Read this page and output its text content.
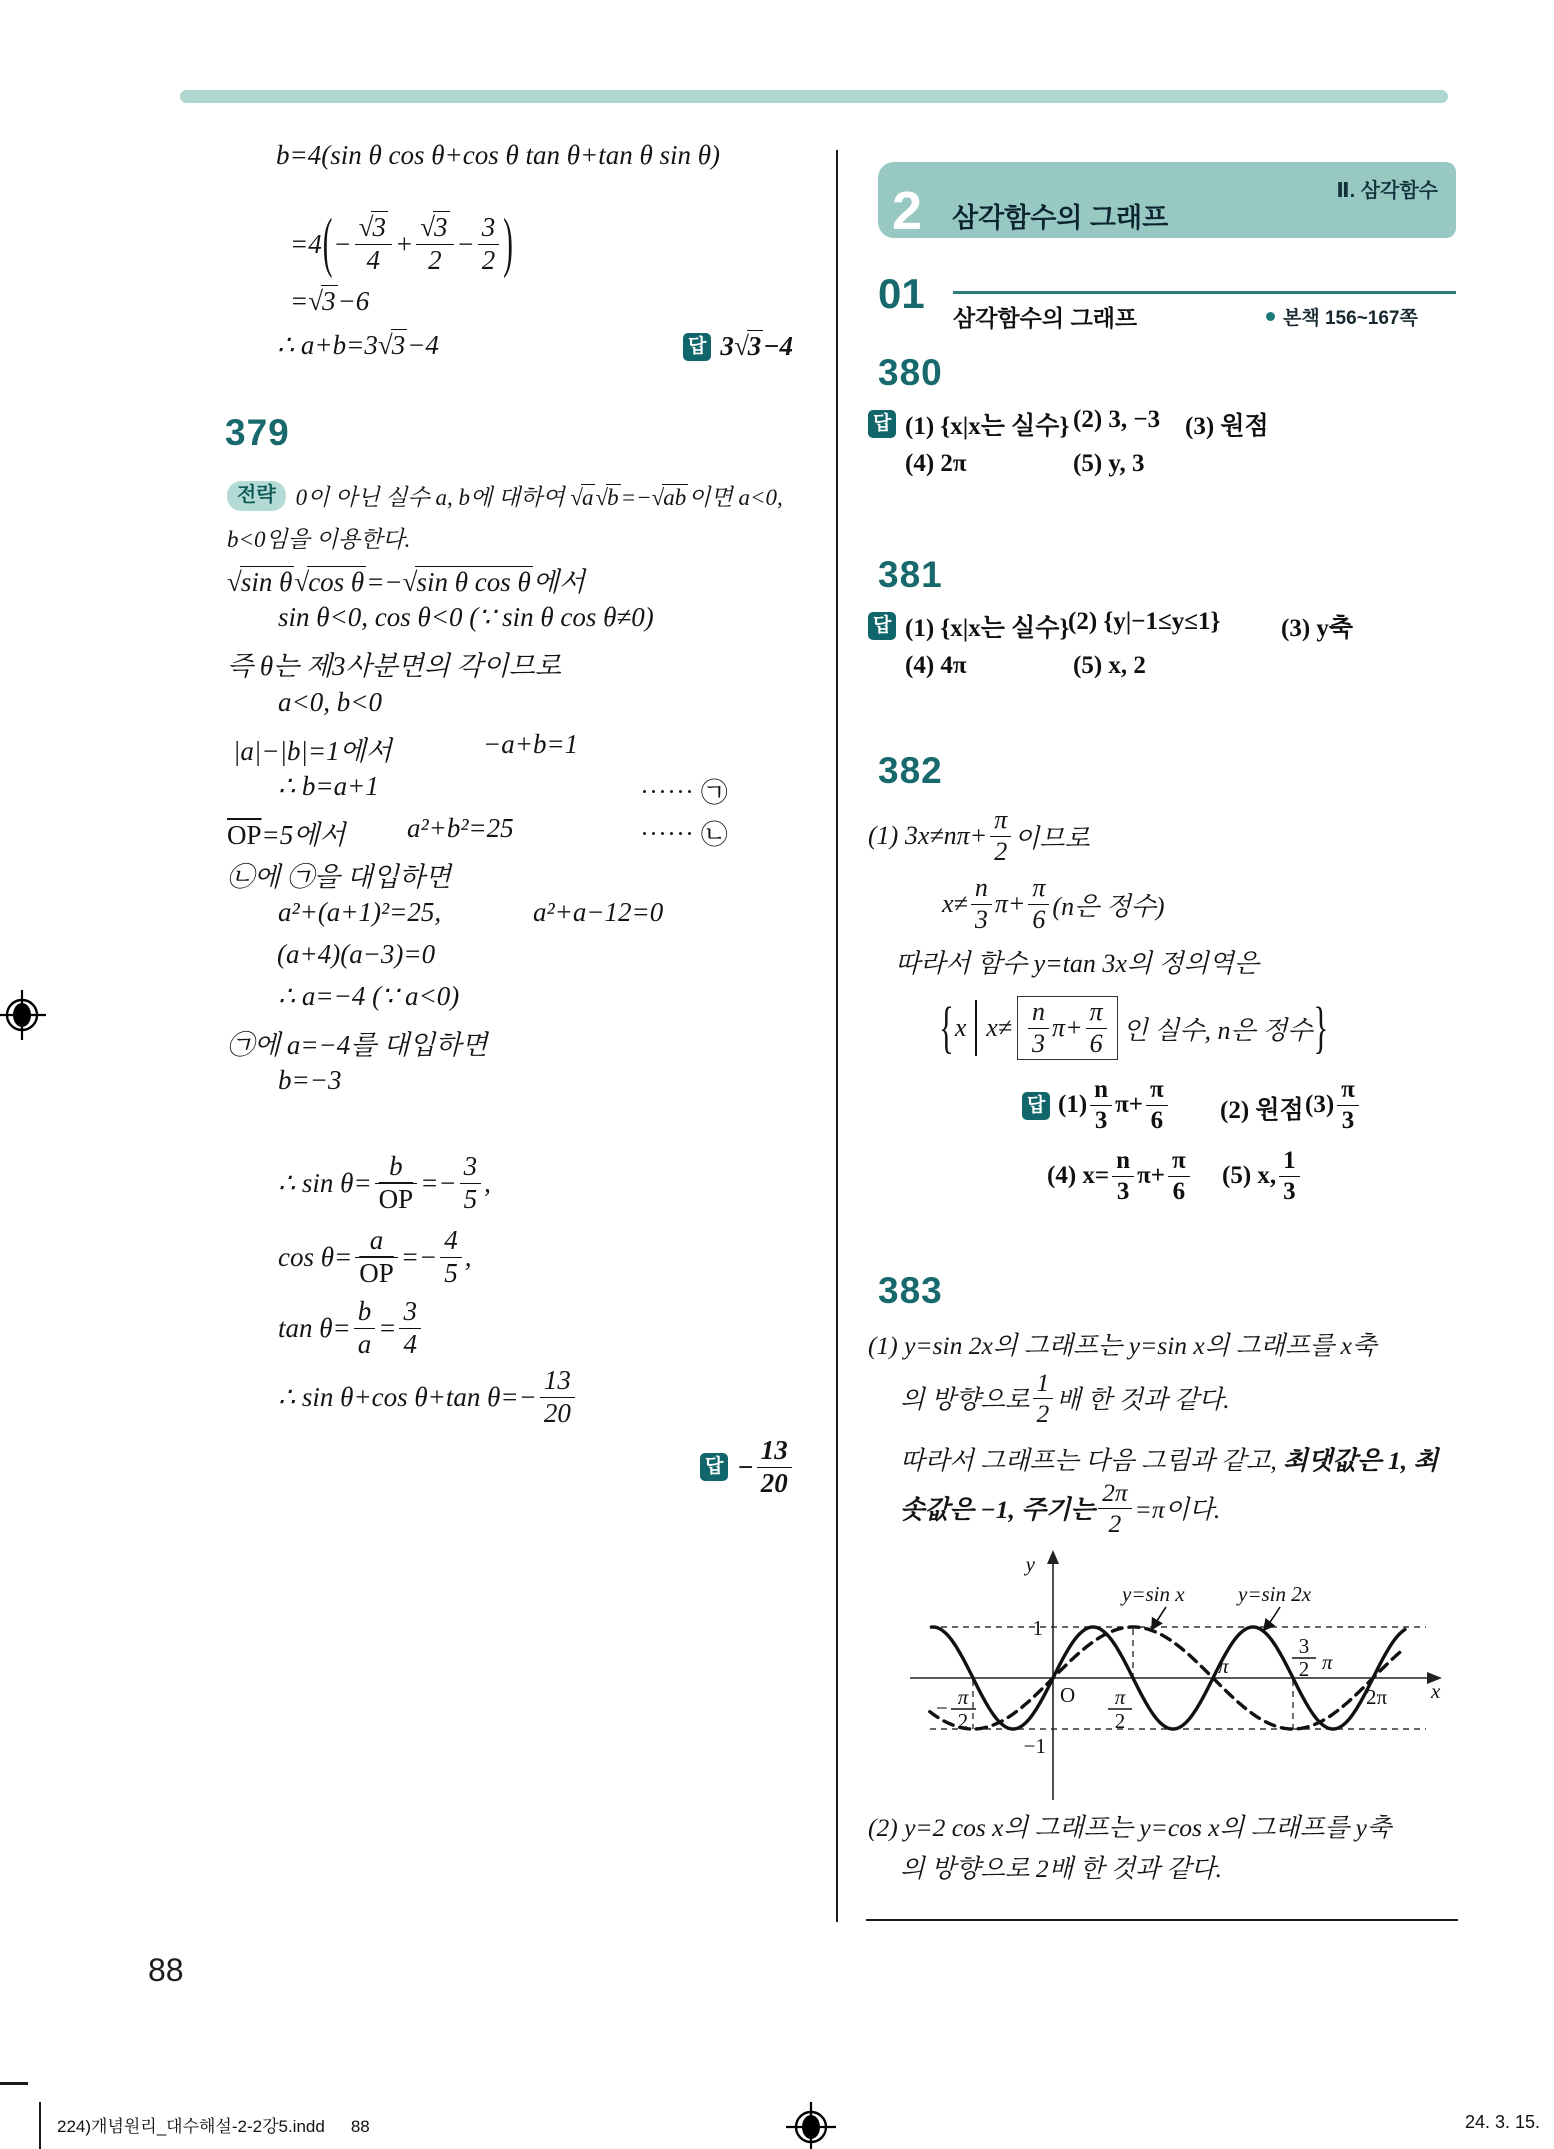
b=4(sin θ cos θ+cos θ tan θ+tan θ sin θ)
=4 ( − $\frac{√3}{4} + \frac{√3}{2} - \frac{3}{2}$ )
=√3−6
∴ a+b=3√3−4	답 3√3−4
379
전략 0이 아닌 실수 a, b에 대하여 √a√b=−√ab이면 a<0,
b<0임을 이용한다.
√sin θ√cos θ=−√sin θ cos θ에서
sin θ<0, cos θ<0 (∵ sin θ cos θ≠0)
즉 θ는 제3사분면의 각이므로
a<0, b<0
|a|−|b|=1에서	−a+b=1
∴ b=a+1	⋯⋯ ㉠
$\overline{OP}=5$에서 a²+b²=25	⋯⋯ ㉡
㉡에 ㉠을 대입하면
a²+(a+1)²=25,	a²+a−12=0
(a+4)(a−3)=0
∴ a=−4 (∵ a<0)
㉠에 a=−4를 대입하면
b=−3
∴ $\sin \theta= \frac{b}{OP} =- \frac{3}{5}$ ,
$\cos \theta= \frac{a}{OP} =- \frac{4}{5}$ ,
$\tan \theta= \frac{b}{a} = \frac{3}{4}$
∴ sin θ+cos θ+tan $\theta=- \frac{13}{20}$
답 − $\frac{13}{20}$
2 삼각함수의 그래프
Ⅱ. 삼각함수
01
삼각함수의 그래프	본책 156~167쪽
380
답 (1) {x|x는 실수} (2) 3, −3 (3) 원점
(4) 2π	(5) y, 3
381
답 (1) {x|x는 실수}
(2) {y|−1≤y≤1} (3) y축
(4) 4π	(5) x, 2
382
(1) $3x\ne n\pi+ \frac{\pi}{2}$ 이므로
$x\ne \frac{n}{3} \pi+ \frac{\pi}{6} (n$은 정수)
따라서 함수 y=tan 3x의 정의역은
{ x $x\ne \frac{n}{3} \pi+ \frac{\pi}{6}$ 인 실수, n은 정수 }
답 $(1) \frac{n}{3} \pi+ \frac{\pi}{6} (2)$ 원점 $(3) \frac{\pi}{3}$
(4) $x= \frac{n}{3} \pi+ \frac{\pi}{6} (5)$ x, $\frac{1}{3}$
383
(1) y=sin 2x의 그래프는 y=sin x의 그래프를 x축
의 방향으로 $\frac{1}{2}$ 배 한 것과 같다.
따라서 그래프는 다음 그림과 같고, 최댓값은 1, 최
솟값은 −1, 주기는 $\frac{2\pi}{2} =\pi$이다.
y
x
1
−1
O
− π
2
π
2
π
3
2 π
2π
y=sin x	y=sin 2x
(2) y=2 cos x의 그래프는 y=cos x의 그래프를 y축
의 방향으로 2배 한 것과 같다.
88
224)개념원리_대수해설-2-2강5.indd 88	24. 3. 15.
